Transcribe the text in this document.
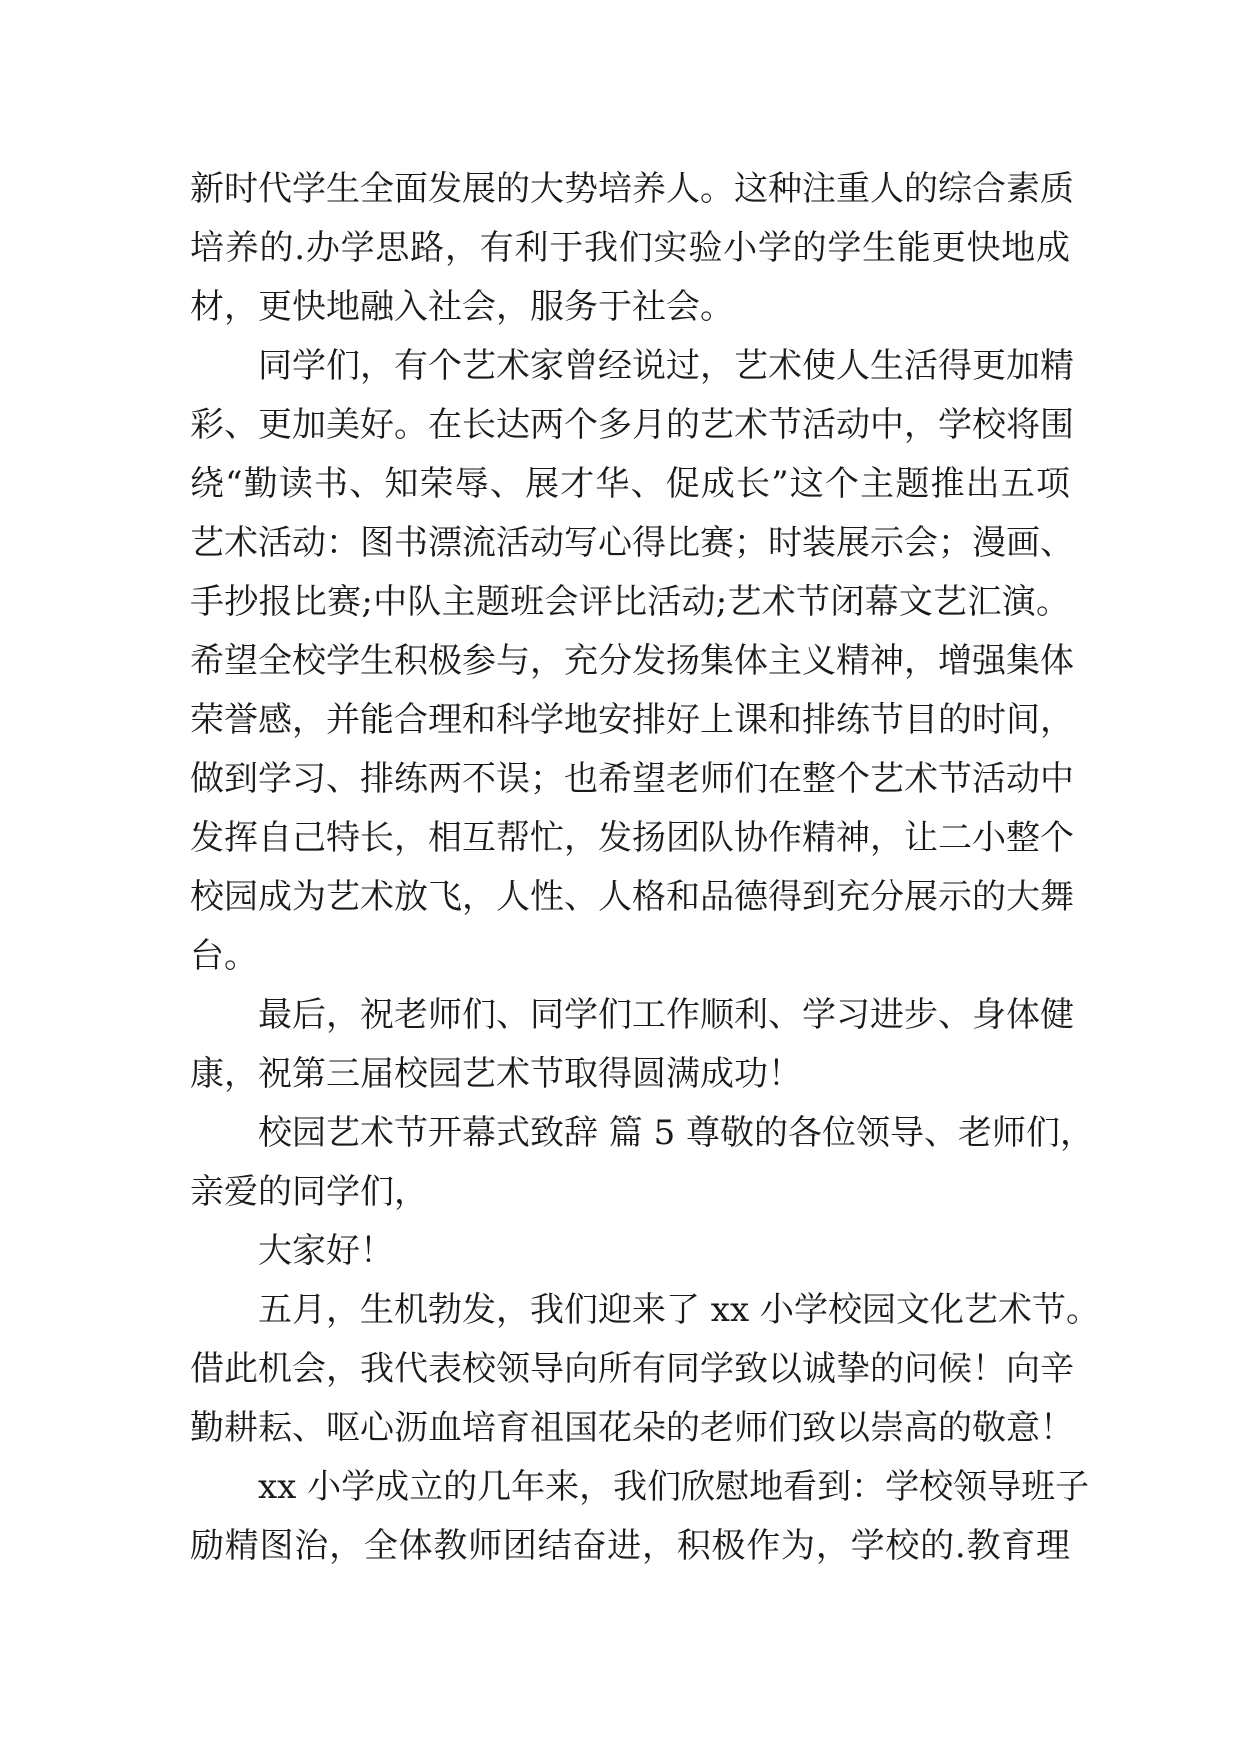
新时代学生全面发展的大势培养人。这种注重人的综合素质
培养的.办学思路，有利于我们实验小学的学生能更快地成
材，更快地融入社会，服务于社会。
同学们，有个艺术家曾经说过，艺术使人生活得更加精
彩、更加美好。在长达两个多月的艺术节活动中，学校将围
绕“勤读书、知荣辱、展才华、促成长”这个主题推出五项
艺术活动：图书漂流活动写心得比赛；时装展示会；漫画、
手抄报比赛;中队主题班会评比活动;艺术节闭幕文艺汇演。
希望全校学生积极参与，充分发扬集体主义精神，增强集体
荣誉感，并能合理和科学地安排好上课和排练节目的时间，
做到学习、排练两不误；也希望老师们在整个艺术节活动中
发挥自己特长，相互帮忙，发扬团队协作精神，让二小整个
校园成为艺术放飞，人性、人格和品德得到充分展示的大舞
台。
最后，祝老师们、同学们工作顺利、学习进步、身体健
康，祝第三届校园艺术节取得圆满成功！
校园艺术节开幕式致辞 篇 5 尊敬的各位领导、老师们，
亲爱的同学们，
大家好！
五月，生机勃发，我们迎来了 xx 小学校园文化艺术节。
借此机会，我代表校领导向所有同学致以诚挚的问候！向辛
勤耕耘、呕心沥血培育祖国花朵的老师们致以崇高的敬意！
xx 小学成立的几年来，我们欣慰地看到：学校领导班子
励精图治，全体教师团结奋进，积极作为，学校的.教育理
